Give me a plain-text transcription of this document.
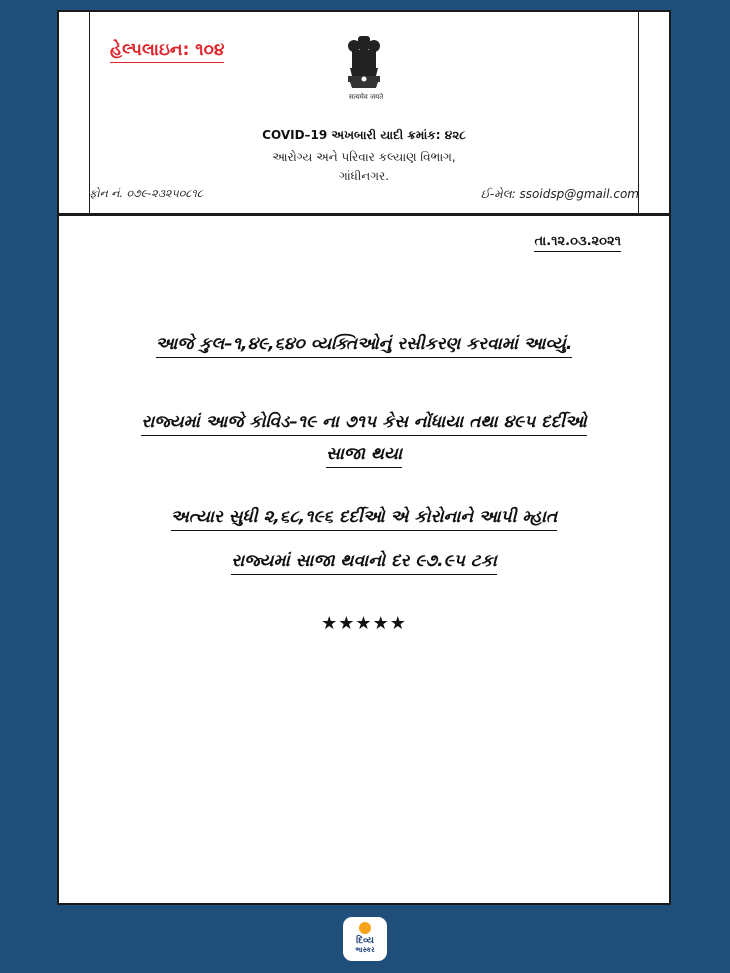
હેલ્પલાઇન: ૧૦૪
सत्यमेव जयते
COVID–19 અખબારી યાદી ક્રમાંક: ૪૨૮
આરોગ્ય અને પરિવાર કલ્યાણ વિભાગ,
ગાંધીનગર.
ફોન નં. ૦૭૯-૨૩૨૫૦૮૧૮	ઈ-મેલ: ssoidsp@gmail.com
તા.૧૨.૦૩.૨૦૨૧
આજે કુલ–૧,૪૯,૬૪૦ વ્યક્તિઓનું રસીકરણ કરવામાં આવ્યું.
રાજ્યમાં આજે કોવિડ–૧૯ ના ૭૧૫ કેસ નોંધાયા તથા ૪૯૫ દર્દીઓ
સાજા થયા
અત્યાર સુધી ૨,૬૮,૧૯૬ દર્દીઓ એ કોરોનાને આપી મ્હાત
રાજ્યમાં સાજા થવાનો દર ૯૭.૯૫ ટકા
★★★★★
દિવ્ય
ભાસ્કર
